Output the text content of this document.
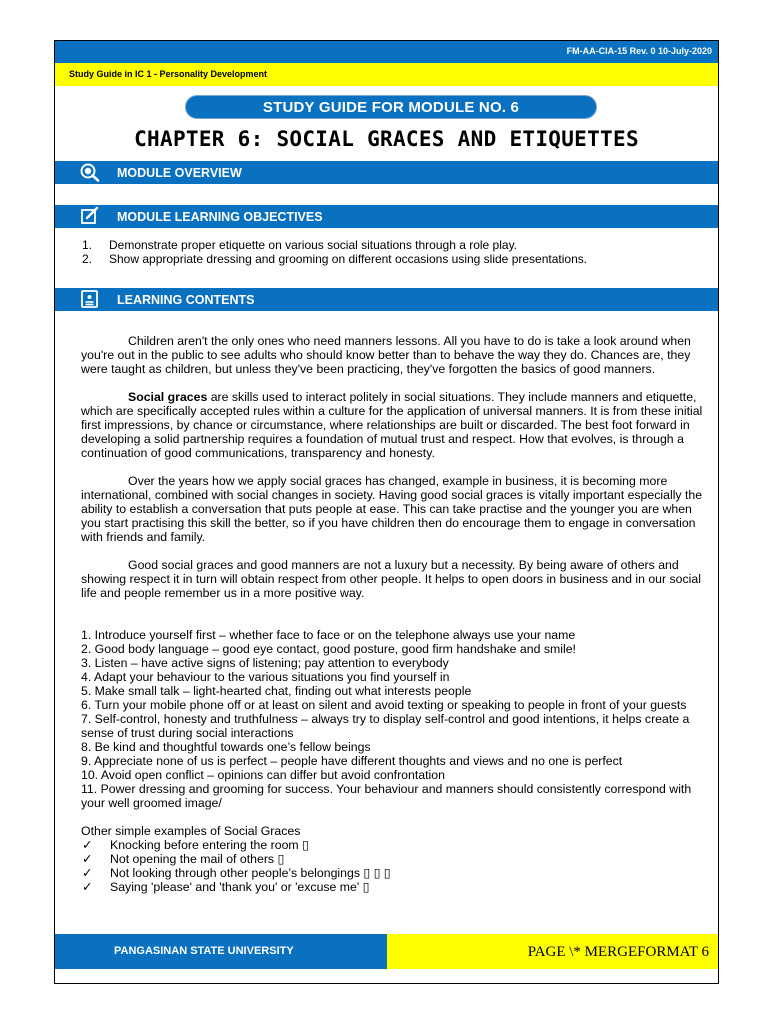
FM-AA-CIA-15 Rev. 0 10-July-2020
Study Guide in IC 1 - Personality Development
STUDY GUIDE FOR MODULE NO. 6
CHAPTER 6: SOCIAL GRACES AND ETIQUETTES
MODULE OVERVIEW
MODULE LEARNING OBJECTIVES
1.	Demonstrate proper etiquette on various social situations through a role play.
2.	Show appropriate dressing and grooming on different occasions using slide presentations.
LEARNING CONTENTS

Children aren't the only ones who need manners lessons. All you have to do is take a look around when you're out in the public to see adults who should know better than to behave the way they do. Chances are, they were taught as children, but unless they've been practicing, they've forgotten the basics of good manners.

Social graces are skills used to interact politely in social situations. They include manners and etiquette, which are specifically accepted rules within a culture for the application of universal manners. It is from these initial first impressions, by chance or circumstance, where relationships are built or discarded. The best foot forward in developing a solid partnership requires a foundation of mutual trust and respect. How that evolves, is through a continuation of good communications, transparency and honesty.

Over the years how we apply social graces has changed, example in business, it is becoming more international, combined with social changes in society. Having good social graces is vitally important especially the ability to establish a conversation that puts people at ease. This can take practise and the younger you are when you start practising this skill the better, so if you have children then do encourage them to engage in conversation with friends and family.

Good social graces and good manners are not a luxury but a necessity. By being aware of others and showing respect it in turn will obtain respect from other people. It helps to open doors in business and in our social life and people remember us in a more positive way.

1. Introduce yourself first – whether face to face or on the telephone always use your name
2. Good body language – good eye contact, good posture, good firm handshake and smile!
3. Listen – have active signs of listening; pay attention to everybody
4. Adapt your behaviour to the various situations you find yourself in
5. Make small talk – light-hearted chat, finding out what interests people
6. Turn your mobile phone off or at least on silent and avoid texting or speaking to people in front of your guests
7. Self-control, honesty and truthfulness – always try to display self-control and good intentions, it helps create a sense of trust during social interactions
8. Be kind and thoughtful towards one’s fellow beings
9. Appreciate none of us is perfect – people have different thoughts and views and no one is perfect
10. Avoid open conflict – opinions can differ but avoid confrontation
11. Power dressing and grooming for success. Your behaviour and manners should consistently correspond with your well groomed image/
Other simple examples of Social Graces
✓	Knocking before entering the room ▯
✓	Not opening the mail of others ▯
✓	Not looking through other people’s belongings ▯ ▯ ▯
✓	Saying 'please' and 'thank you' or 'excuse me' ▯
PANGASINAN STATE UNIVERSITY	PAGE \* MERGEFORMAT 6
